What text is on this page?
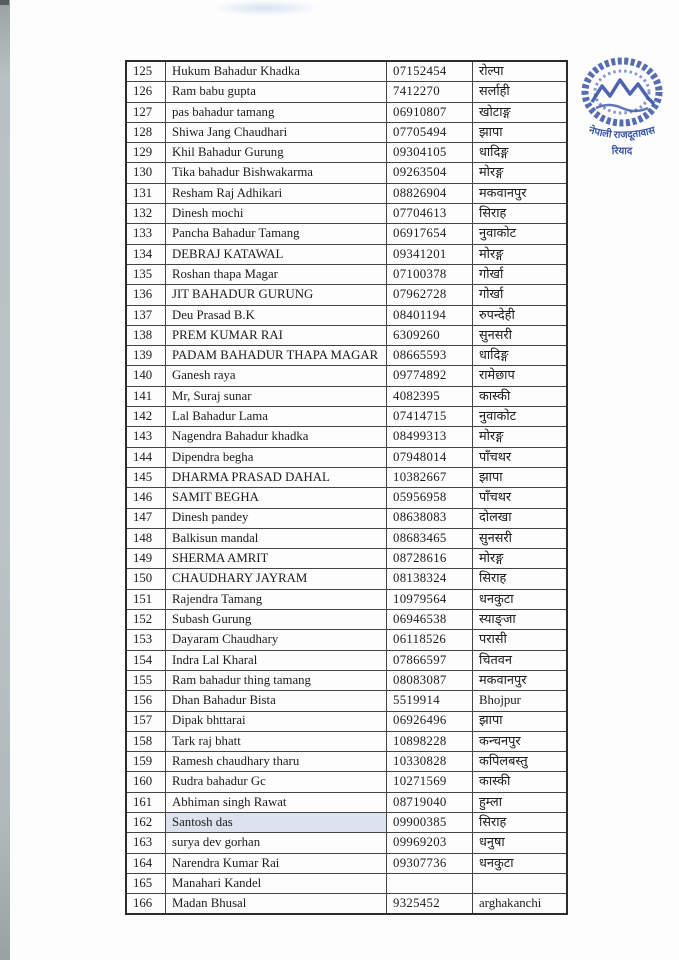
125	Hukum Bahadur Khadka	07152454	रोल्पा
126	Ram babu gupta	7412270	सर्लाही
127	pas bahadur tamang	06910807	खोटाङ्ग
128	Shiwa Jang Chaudhari	07705494	झापा
129	Khil Bahadur Gurung	09304105	धादिङ्ग
130	Tika bahadur Bishwakarma	09263504	मोरङ्ग
131	Resham Raj Adhikari	08826904	मकवानपुर
132	Dinesh mochi	07704613	सिराह
133	Pancha Bahadur Tamang	06917654	नुवाकोट
134	DEBRAJ KATAWAL	09341201	मोरङ्ग
135	Roshan thapa Magar	07100378	गोर्खा
136	JIT BAHADUR GURUNG	07962728	गोर्खा
137	Deu Prasad B.K	08401194	रुपन्देही
138	PREM KUMAR RAI	6309260	सुनसरी
139	PADAM BAHADUR THAPA MAGAR	08665593	धादिङ्ग
140	Ganesh raya	09774892	रामेछाप
141	Mr, Suraj sunar	4082395	कास्की
142	Lal Bahadur Lama	07414715	नुवाकोट
143	Nagendra Bahadur khadka	08499313	मोरङ्ग
144	Dipendra begha	07948014	पाँचथर
145	DHARMA PRASAD DAHAL	10382667	झापा
146	SAMIT BEGHA	05956958	पाँचथर
147	Dinesh pandey	08638083	दोलखा
148	Balkisun mandal	08683465	सुनसरी
149	SHERMA AMRIT	08728616	मोरङ्ग
150	CHAUDHARY JAYRAM	08138324	सिराह
151	Rajendra Tamang	10979564	धनकुटा
152	Subash Gurung	06946538	स्याङ्जा
153	Dayaram Chaudhary	06118526	परासी
154	Indra Lal Kharal	07866597	चितवन
155	Ram bahadur thing tamang	08083087	मकवानपुर
156	Dhan Bahadur Bista	5519914	Bhojpur
157	Dipak bhttarai	06926496	झापा
158	Tark raj bhatt	10898228	कन्चनपुर
159	Ramesh chaudhary tharu	10330828	कपिलबस्तु
160	Rudra bahadur Gc	10271569	कास्की
161	Abhiman singh Rawat	08719040	हुम्ला
162	Santosh das	09900385	सिराह
163	surya dev gorhan	09969203	धनुषा
164	Narendra Kumar Rai	09307736	धनकुटा
165	Manahari Kandel		
166	Madan Bhusal	9325452	arghakanchi
नेपाली राजदूतावास
रियाद
